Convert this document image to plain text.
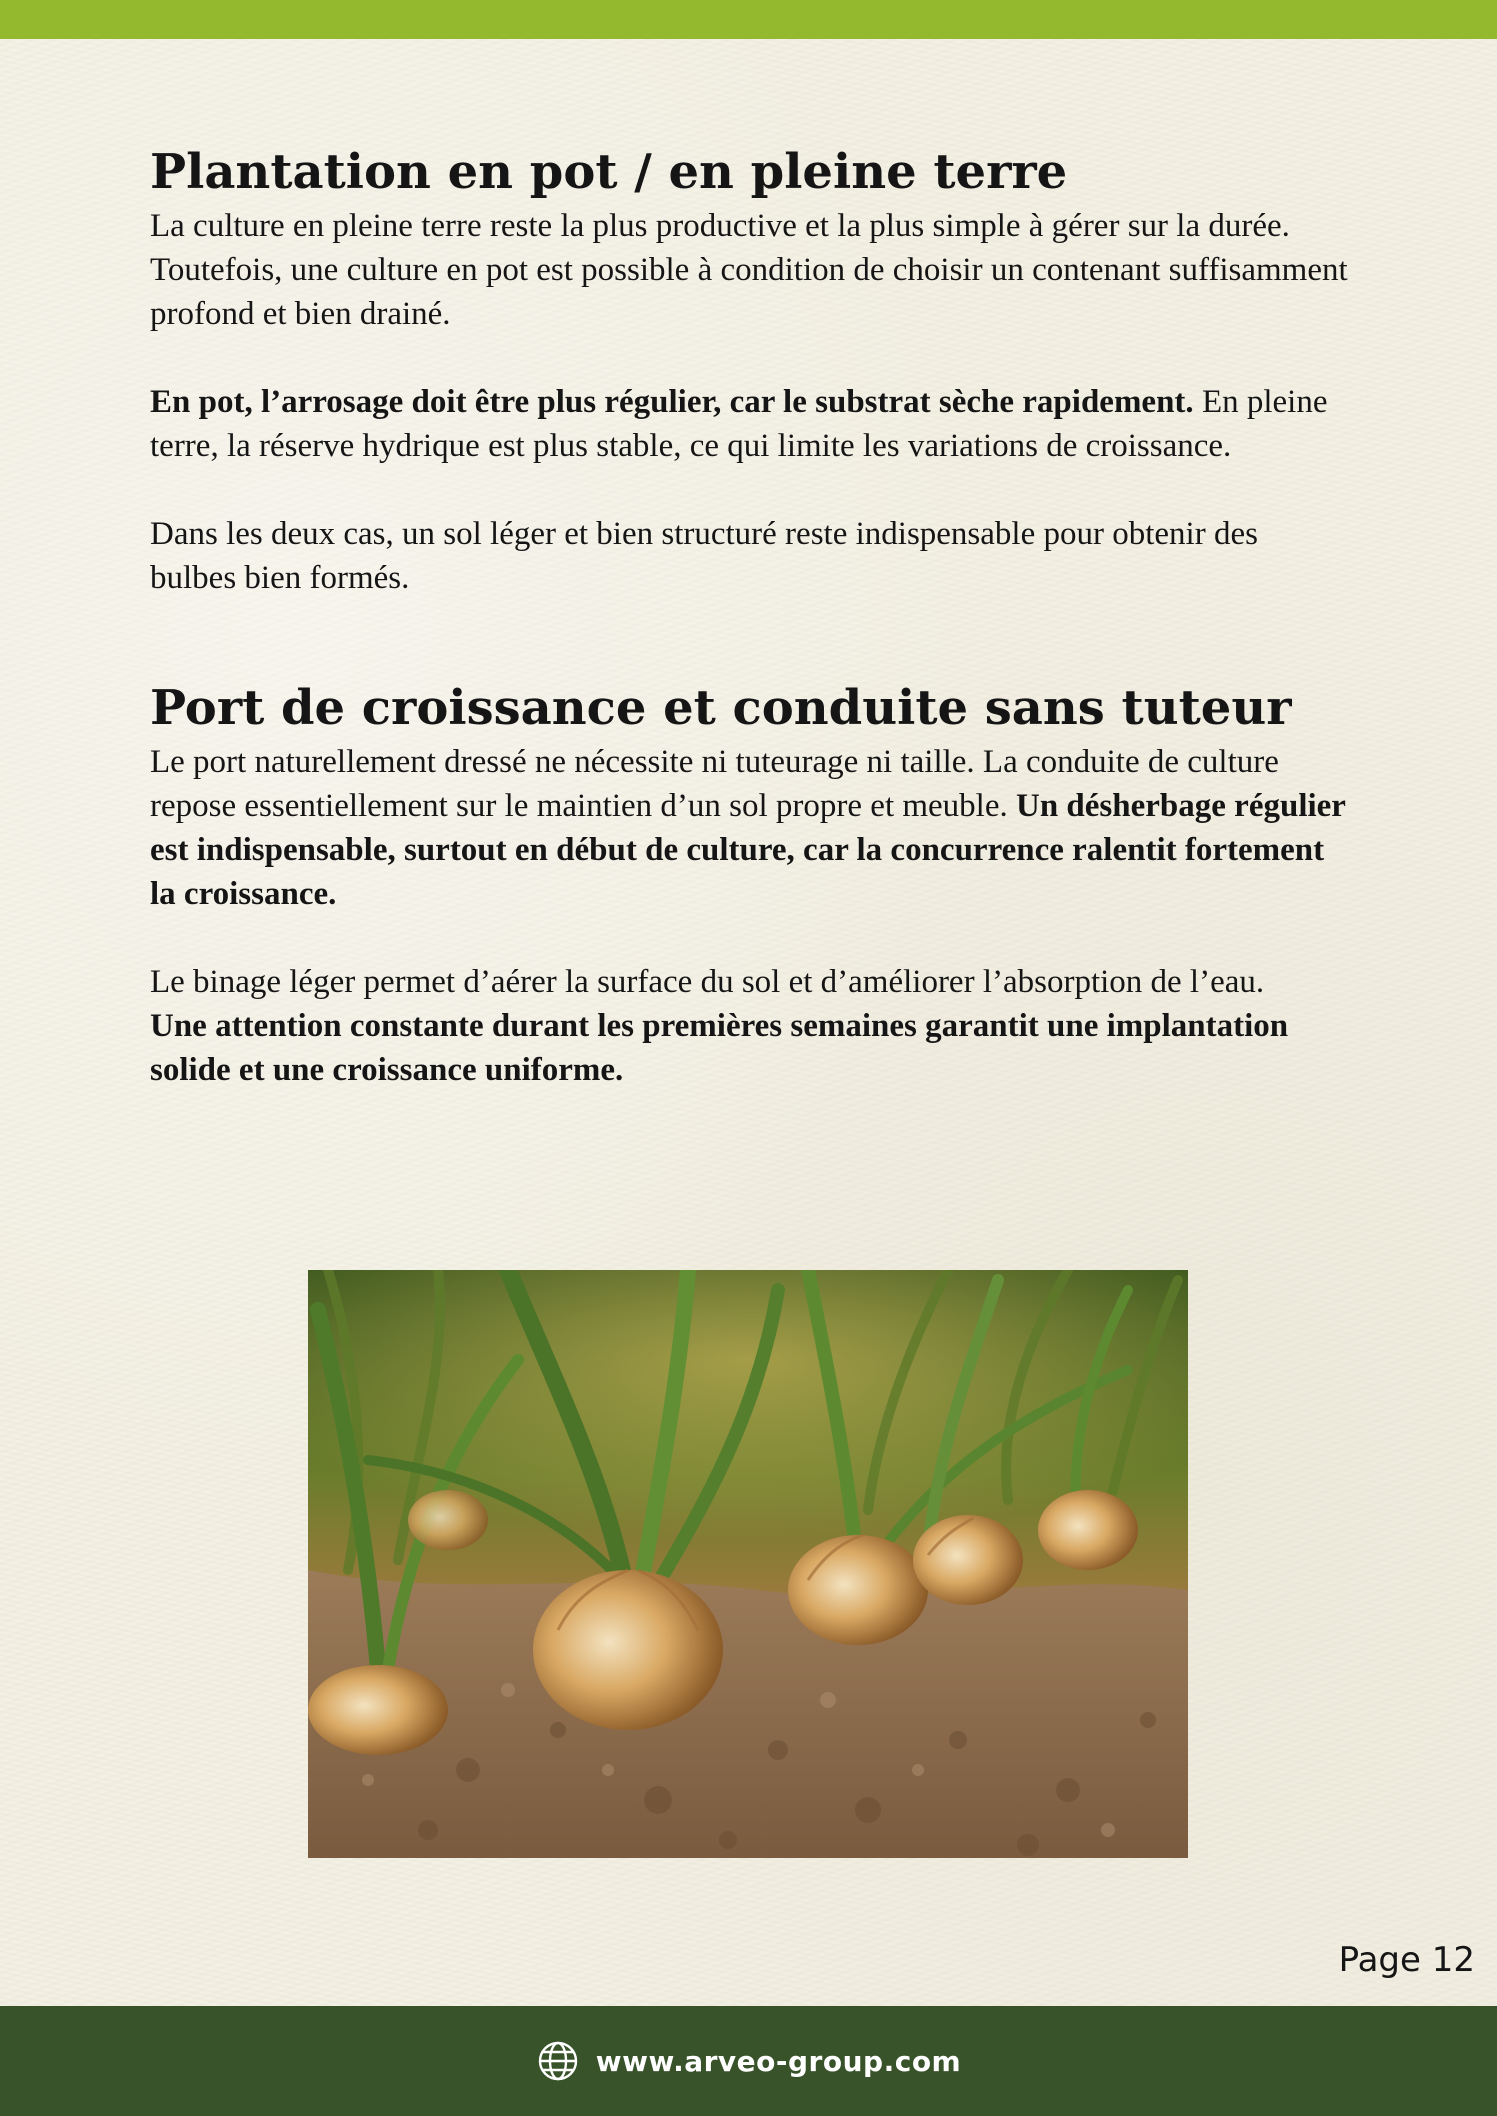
Plantation en pot / en pleine terre

La culture en pleine terre reste la plus productive et la plus simple à gérer sur la durée. Toutefois, une culture en pot est possible à condition de choisir un contenant suffisamment profond et bien drainé.

En pot, l’arrosage doit être plus régulier, car le substrat sèche rapidement. En pleine terre, la réserve hydrique est plus stable, ce qui limite les variations de croissance.

Dans les deux cas, un sol léger et bien structuré reste indispensable pour obtenir des bulbes bien formés.

Port de croissance et conduite sans tuteur

Le port naturellement dressé ne nécessite ni tuteurage ni taille. La conduite de culture repose essentiellement sur le maintien d’un sol propre et meuble. Un désherbage régulier est indispensable, surtout en début de culture, car la concurrence ralentit fortement la croissance.

Le binage léger permet d’aérer la surface du sol et d’améliorer l’absorption de l’eau.

Une attention constante durant les premières semaines garantit une implantation solide et une croissance uniforme.

Page 12
www.arveo-group.com
